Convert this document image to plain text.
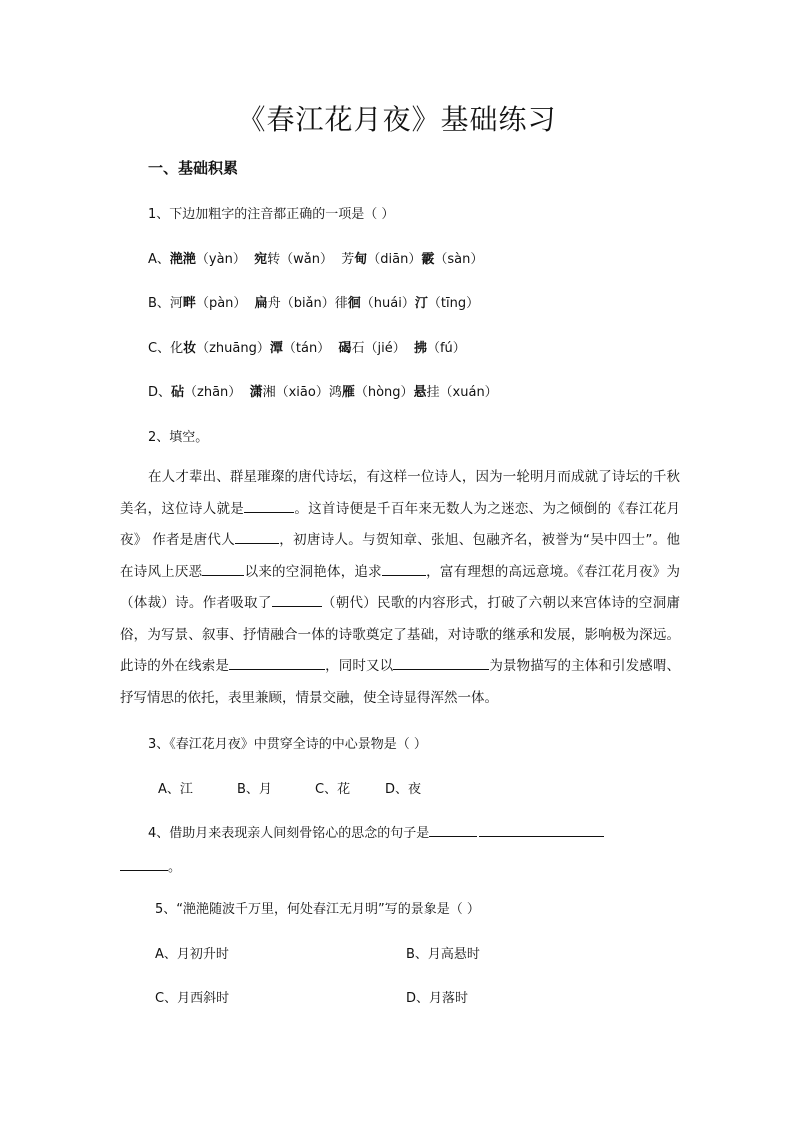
《春江花月夜》基础练习
一、基础积累
1、下边加粗字的注音都正确的一项是（ ）
A、滟滟（yàn） 宛转（wǎn） 芳甸（diān）霰（sàn）
B、河畔（pàn） 扁舟（biǎn）徘徊（huái）汀（tīng）
C、化妆（zhuāng）潭（tán） 碣石（jié） 拂（fú）
D、砧（zhān） 潇湘（xiāo）鸿雁（hòng）悬挂（xuán）
2、填空。
在人才辈出、群星璀璨的唐代诗坛，有这样一位诗人，因为一轮明月而成就了诗坛的千秋美名，这位诗人就是	。这首诗便是千百年来无数人为之迷恋、为之倾倒的《春江花月夜》 作者是唐代人	，初唐诗人。与贺知章、张旭、包融齐名，被誉为“吴中四士”。他在诗风上厌恶	以来的空洞艳体，追求	，富有理想的高远意境。《春江花月夜》为（体裁）诗。作者吸取了	（朝代）民歌的内容形式，打破了六朝以来宫体诗的空洞庸俗，为写景、叙事、抒情融合一体的诗歌奠定了基础，对诗歌的继承和发展，影响极为深远。此诗的外在线索是	，同时又以	为景物描写的主体和引发感喟、抒写情思的依托，表里兼顾，情景交融，使全诗显得浑然一体。
3、《春江花月夜》中贯穿全诗的中心景物是（ ）
A、江	B、月	C、花	D、夜
4、借助月来表现亲人间刻骨铭心的思念的句子是
。
5、“滟滟随波千万里，何处春江无月明”写的景象是（ ）
A、月初升时	B、月高悬时
C、月西斜时	D、月落时
